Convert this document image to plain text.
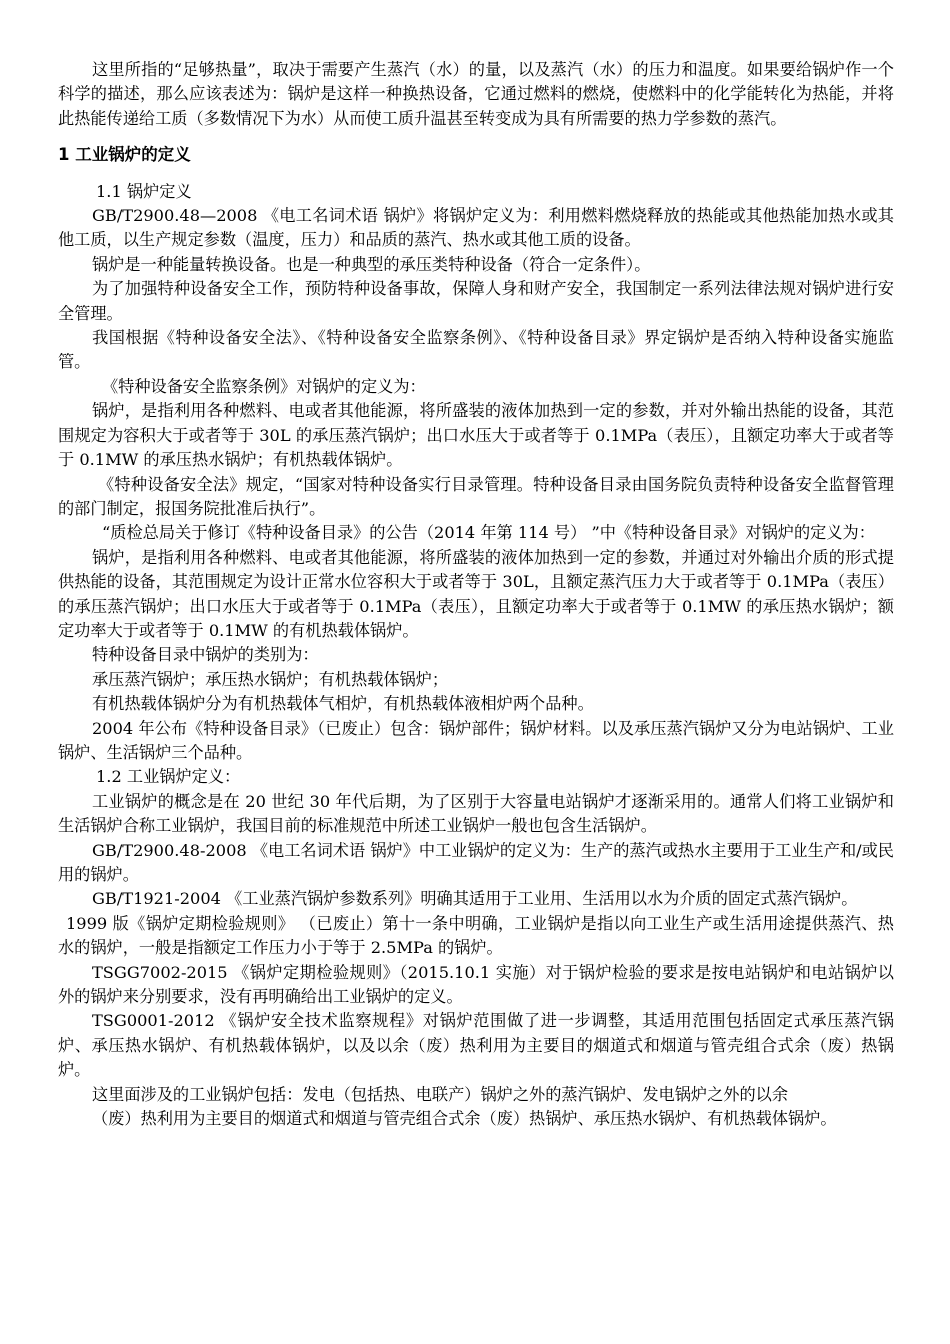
这里所指的“足够热量”，取决于需要产生蒸汽（水）的量，以及蒸汽（水）的压力和温度。如果要给锅炉作一个科学的描述，那么应该表述为：锅炉是这样一种换热设备，它通过燃料的燃烧，使燃料中的化学能转化为热能，并将此热能传递给工质（多数情况下为水）从而使工质升温甚至转变成为具有所需要的热力学参数的蒸汽。

1 工业锅炉的定义

1.1 锅炉定义

GB/T2900.48—2008 《电工名词术语 锅炉》将锅炉定义为：利用燃料燃烧释放的热能或其他热能加热水或其他工质，以生产规定参数（温度，压力）和品质的蒸汽、热水或其他工质的设备。

锅炉是一种能量转换设备。也是一种典型的承压类特种设备（符合一定条件）。

为了加强特种设备安全工作，预防特种设备事故，保障人身和财产安全，我国制定一系列法律法规对锅炉进行安全管理。

我国根据《特种设备安全法》、《特种设备安全监察条例》、《特种设备目录》界定锅炉是否纳入特种设备实施监管。

《特种设备安全监察条例》对锅炉的定义为：

锅炉，是指利用各种燃料、电或者其他能源，将所盛装的液体加热到一定的参数，并对外输出热能的设备，其范围规定为容积大于或者等于 30L 的承压蒸汽锅炉；出口水压大于或者等于 0.1MPa（表压），且额定功率大于或者等于 0.1MW 的承压热水锅炉；有机热载体锅炉。

《特种设备安全法》规定，“国家对特种设备实行目录管理。特种设备目录由国务院负责特种设备安全监督管理的部门制定，报国务院批准后执行”。

“质检总局关于修订《特种设备目录》的公告（2014 年第 114 号） ”中《特种设备目录》对锅炉的定义为：

锅炉，是指利用各种燃料、电或者其他能源，将所盛装的液体加热到一定的参数，并通过对外输出介质的形式提供热能的设备，其范围规定为设计正常水位容积大于或者等于 30L，且额定蒸汽压力大于或者等于 0.1MPa（表压）的承压蒸汽锅炉；出口水压大于或者等于 0.1MPa（表压），且额定功率大于或者等于 0.1MW 的承压热水锅炉；额定功率大于或者等于 0.1MW 的有机热载体锅炉。

特种设备目录中锅炉的类别为：

承压蒸汽锅炉；承压热水锅炉；有机热载体锅炉；

有机热载体锅炉分为有机热载体气相炉，有机热载体液相炉两个品种。

2004 年公布《特种设备目录》（已废止）包含：锅炉部件；锅炉材料。以及承压蒸汽锅炉又分为电站锅炉、工业锅炉、生活锅炉三个品种。

1.2 工业锅炉定义：

工业锅炉的概念是在 20 世纪 30 年代后期，为了区别于大容量电站锅炉才逐渐采用的。通常人们将工业锅炉和生活锅炉合称工业锅炉，我国目前的标准规范中所述工业锅炉一般也包含生活锅炉。

GB/T2900.48-2008 《电工名词术语 锅炉》中工业锅炉的定义为：生产的蒸汽或热水主要用于工业生产和/或民用的锅炉。

GB/T1921-2004 《工业蒸汽锅炉参数系列》明确其适用于工业用、生活用以水为介质的固定式蒸汽锅炉。

1999 版《锅炉定期检验规则》 （已废止）第十一条中明确，工业锅炉是指以向工业生产或生活用途提供蒸汽、热水的锅炉，一般是指额定工作压力小于等于 2.5MPa 的锅炉。

TSGG7002-2015 《锅炉定期检验规则》（2015.10.1 实施）对于锅炉检验的要求是按电站锅炉和电站锅炉以外的锅炉来分别要求，没有再明确给出工业锅炉的定义。

TSG0001-2012 《锅炉安全技术监察规程》对锅炉范围做了进一步调整，其适用范围包括固定式承压蒸汽锅炉、承压热水锅炉、有机热载体锅炉，以及以余（废）热利用为主要目的烟道式和烟道与管壳组合式余（废）热锅炉。

这里面涉及的工业锅炉包括：发电（包括热、电联产）锅炉之外的蒸汽锅炉、发电锅炉之外的以余

（废）热利用为主要目的烟道式和烟道与管壳组合式余（废）热锅炉、承压热水锅炉、有机热载体锅炉。
